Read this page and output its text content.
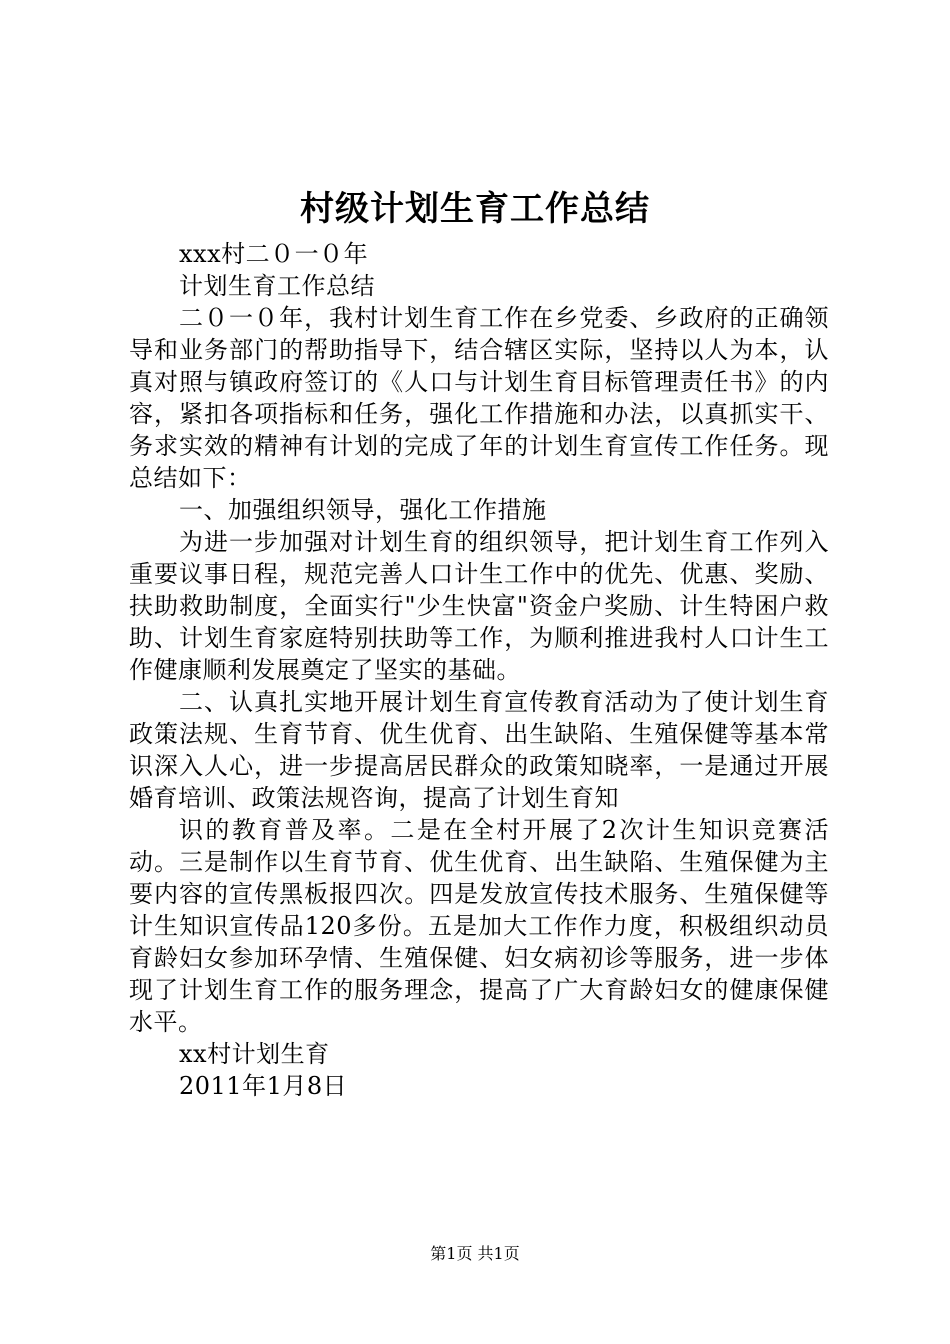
村级计划生育工作总结

xxx村二０一０年

计划生育工作总结

二０一０年，我村计划生育工作在乡党委、乡政府的正确领导和业务部门的帮助指导下，结合辖区实际，坚持以人为本，认真对照与镇政府签订的《人口与计划生育目标管理责任书》的内容，紧扣各项指标和任务，强化工作措施和办法，以真抓实干、务求实效的精神有计划的完成了年的计划生育宣传工作任务。现总结如下：

一、加强组织领导，强化工作措施

为进一步加强对计划生育的组织领导，把计划生育工作列入重要议事日程，规范完善人口计生工作中的优先、优惠、奖励、扶助救助制度，全面实行"少生快富"资金户奖励、计生特困户救助、计划生育家庭特别扶助等工作，为顺利推进我村人口计生工作健康顺利发展奠定了坚实的基础。

二、认真扎实地开展计划生育宣传教育活动为了使计划生育政策法规、生育节育、优生优育、出生缺陷、生殖保健等基本常识深入人心，进一步提高居民群众的政策知晓率，一是通过开展婚育培训、政策法规咨询，提高了计划生育知

识的教育普及率。二是在全村开展了2次计生知识竞赛活动。三是制作以生育节育、优生优育、出生缺陷、生殖保健为主要内容的宣传黑板报四次。四是发放宣传技术服务、生殖保健等计生知识宣传品120多份。五是加大工作作力度，积极组织动员育龄妇女参加环孕情、生殖保健、妇女病初诊等服务，进一步体现了计划生育工作的服务理念，提高了广大育龄妇女的健康保健水平。

xx村计划生育

2011年1月8日

第1页 共1页
